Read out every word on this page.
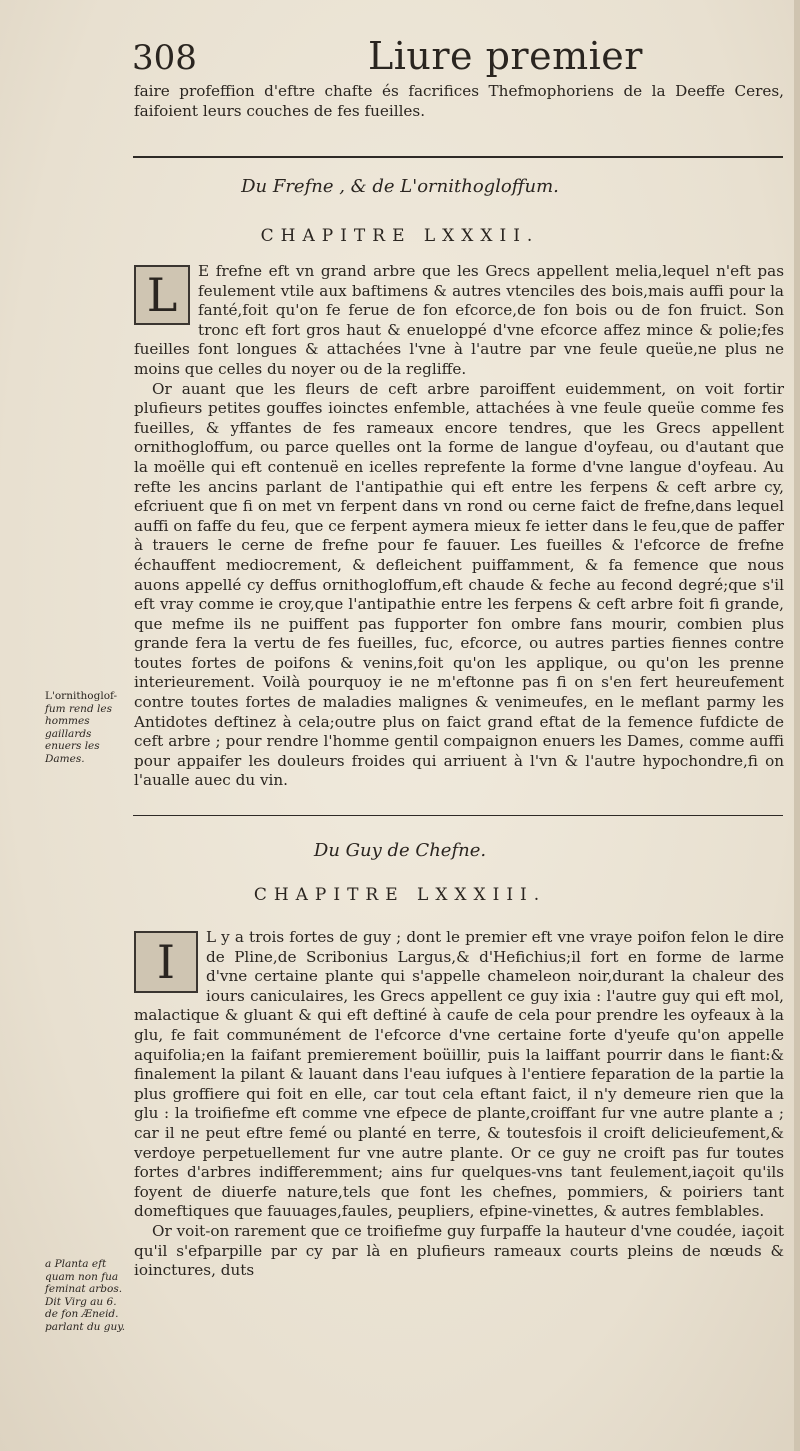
308	Liure premier

faire profeffion d'eftre chafte és facrifices Thefmophoriens de la Deeffe Ceres, faifoient leurs couches de fes fueilles.

Du Frefne , & de L'ornithogloffum.
CHAPITRE LXXXII.

L	E frefne eft vn grand arbre que les Grecs appellent melia,lequel n'eft pas feulement vtile aux baftimens & autres vtenciles des bois,mais auffi pour la fanté,foit qu'on fe ferue de fon efcorce,de fon bois ou de fon fruict. Son tronc eft fort gros haut & enueloppé d'vne efcorce affez mince & polie;fes fueilles font longues & attachées l'vne à l'autre par vne feule queüe,ne plus ne moins que celles du noyer ou de la regliffe.

Or auant que les fleurs de ceft arbre paroiffent euidemment, on voit fortir plufieurs petites gouffes ioinctes enfemble, attachées à vne feule queüe comme fes fueilles, & yffantes de fes rameaux encore tendres, que les Grecs appellent ornithogloffum, ou parce quelles ont la forme de langue d'oyfeau, ou d'autant que la moëlle qui eft contenuë en icelles reprefente la forme d'vne langue d'oyfeau. Au refte les ancins parlant de l'antipathie qui eft entre les ferpens & ceft arbre cy, efcriuent que fi on met vn ferpent dans vn rond ou cerne faict de frefne,dans lequel auffi on faffe du feu, que ce ferpent aymera mieux fe ietter dans le feu,que de paffer à trauers le cerne de frefne pour fe fauuer. Les fueilles & l'efcorce de frefne échauffent mediocrement, & defleichent puiffamment, & fa femence que nous auons appellé cy deffus ornithogloffum,eft chaude & feche au fecond degré;que s'il eft vray comme ie croy,que l'antipathie entre les ferpens & ceft arbre foit fi grande, que mefme ils ne puiffent pas fupporter fon ombre fans mourir, combien plus grande fera la vertu de fes fueilles, fuc, efcorce, ou autres parties fiennes contre toutes fortes de poifons & venins,foit qu'on les applique, ou qu'on les prenne interieurement. Voilà pourquoy ie ne m'eftonne pas fi on s'en fert heureufement contre toutes fortes de maladies malignes & venimeufes, en le meflant parmy les Antidotes deftinez à cela;outre plus on faict grand eftat de la femence fufdicte de ceft arbre ; pour rendre l'homme gentil compaignon enuers les Dames, comme auffi pour appaifer les douleurs froides qui arriuent à l'vn & l'autre hypochondre,fi on l'aualle auec du vin.

L'ornithoglof-
fum rend les hommes gaillards enuers les Dames.
Du Guy de Chefne.
CHAPITRE LXXXIII.

I	L y a trois fortes de guy ; dont le premier eft vne vraye poifon felon le dire de Pline,de Scribonius Largus,& d'Hefichius;il fort en forme de larme d'vne certaine plante qui s'appelle chameleon noir,durant la chaleur des iours caniculaires, les Grecs appellent ce guy ixia : l'autre guy qui eft mol, malactique & gluant & qui eft deftiné à caufe de cela pour prendre les oyfeaux à la glu, fe fait communément de l'efcorce d'vne certaine forte d'yeufe qu'on appelle aquifolia;en la faifant premierement boüillir, puis la laiffant pourrir dans le fiant:& finalement la pilant & lauant dans l'eau iufques à l'entiere feparation de la partie la plus groffiere qui foit en elle, car tout cela eftant faict, il n'y demeure rien que la glu : la troifiefme eft comme vne efpece de plante,croiffant fur vne autre plante a ; car il ne peut eftre femé ou planté en terre, & toutesfois il croift delicieufement,& verdoye perpetuellement fur vne autre plante. Or ce guy ne croift pas fur toutes fortes d'arbres indifferemment; ains fur quelques-vns tant feulement,iaçoit qu'ils foyent de diuerfe nature,tels que font les chefnes, pommiers, & poiriers tant domeftiques que fauuages,faules, peupliers, efpine-vinettes, & autres femblables.

Or voit-on rarement que ce troifiefme guy furpaffe la hauteur d'vne coudée, iaçoit qu'il s'efparpille par cy par là en plufieurs rameaux courts pleins de nœuds & ioinctures, duts

a Planta eft quam non fua feminat arbos.
Dit Virg au 6. de fon Æneid. parlant du guy.
